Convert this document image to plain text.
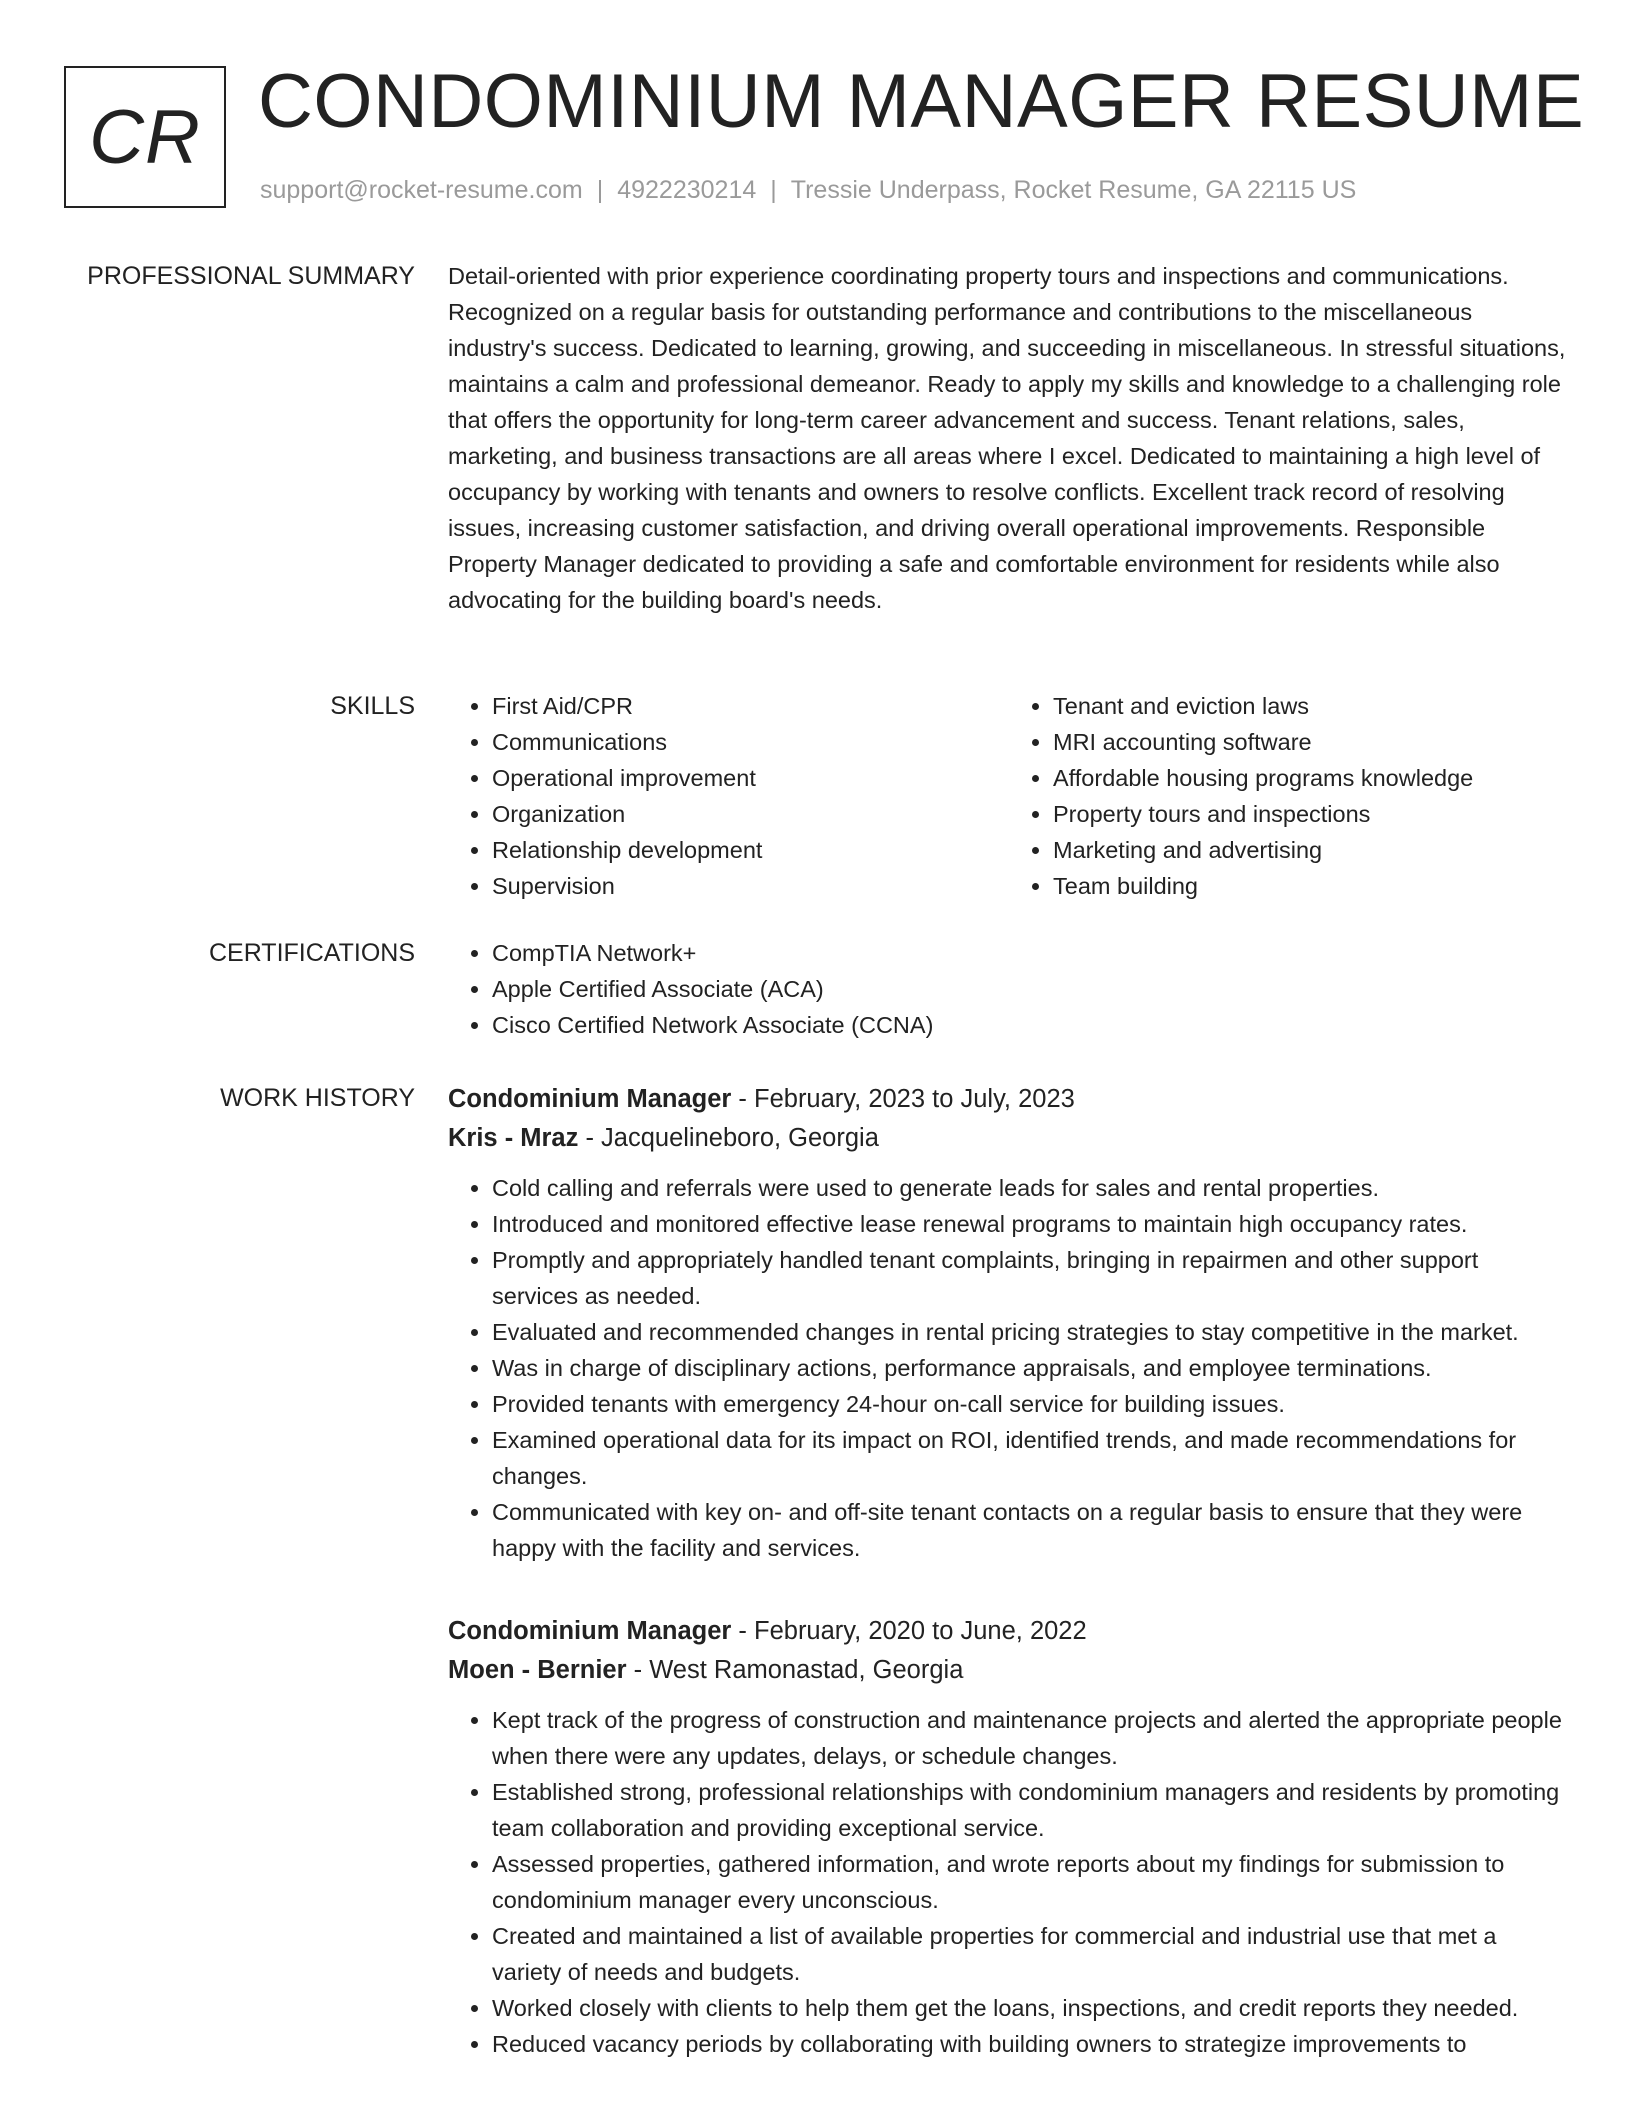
CR CONDOMINIUM MANAGER RESUME
support@rocket-resume.com | 4922230214 | Tressie Underpass, Rocket Resume, GA 22115 US
PROFESSIONAL SUMMARY Detail-oriented with prior experience coordinating property tours and inspections and communications. Recognized on a regular basis for outstanding performance and contributions to the miscellaneous industry's success. Dedicated to learning, growing, and succeeding in miscellaneous. In stressful situations, maintains a calm and professional demeanor. Ready to apply my skills and knowledge to a challenging role that offers the opportunity for long-term career advancement and success. Tenant relations, sales, marketing, and business transactions are all areas where I excel. Dedicated to maintaining a high level of occupancy by working with tenants and owners to resolve conflicts. Excellent track record of resolving issues, increasing customer satisfaction, and driving overall operational improvements. Responsible Property Manager dedicated to providing a safe and comfortable environment for residents while also advocating for the building board's needs.

SKILLS	• First Aid/CPR
• Communications
• Operational improvement
• Organization
• Relationship development
• Supervision
• Tenant and eviction laws
• MRI accounting software
• Affordable housing programs knowledge
• Property tours and inspections
• Marketing and advertising
• Team building
CERTIFICATIONS	• CompTIA Network+
• Apple Certified Associate (ACA)
• Cisco Certified Network Associate (CCNA)
WORK HISTORY Condominium Manager - February, 2023 to July, 2023
Kris - Mraz - Jacquelineboro, Georgia
• Cold calling and referrals were used to generate leads for sales and rental properties.
• Introduced and monitored effective lease renewal programs to maintain high occupancy rates.
• Promptly and appropriately handled tenant complaints, bringing in repairmen and other support services as needed.
• Evaluated and recommended changes in rental pricing strategies to stay competitive in the market.
• Was in charge of disciplinary actions, performance appraisals, and employee terminations.
• Provided tenants with emergency 24-hour on-call service for building issues.
• Examined operational data for its impact on ROI, identified trends, and made recommendations for changes.
• Communicated with key on- and off-site tenant contacts on a regular basis to ensure that they were happy with the facility and services.
Condominium Manager - February, 2020 to June, 2022
Moen - Bernier - West Ramonastad, Georgia
• Kept track of the progress of construction and maintenance projects and alerted the appropriate people when there were any updates, delays, or schedule changes.
• Established strong, professional relationships with condominium managers and residents by promoting team collaboration and providing exceptional service.
• Assessed properties, gathered information, and wrote reports about my findings for submission to condominium manager every unconscious.
• Created and maintained a list of available properties for commercial and industrial use that met a variety of needs and budgets.
• Worked closely with clients to help them get the loans, inspections, and credit reports they needed.
• Reduced vacancy periods by collaborating with building owners to strategize improvements to
